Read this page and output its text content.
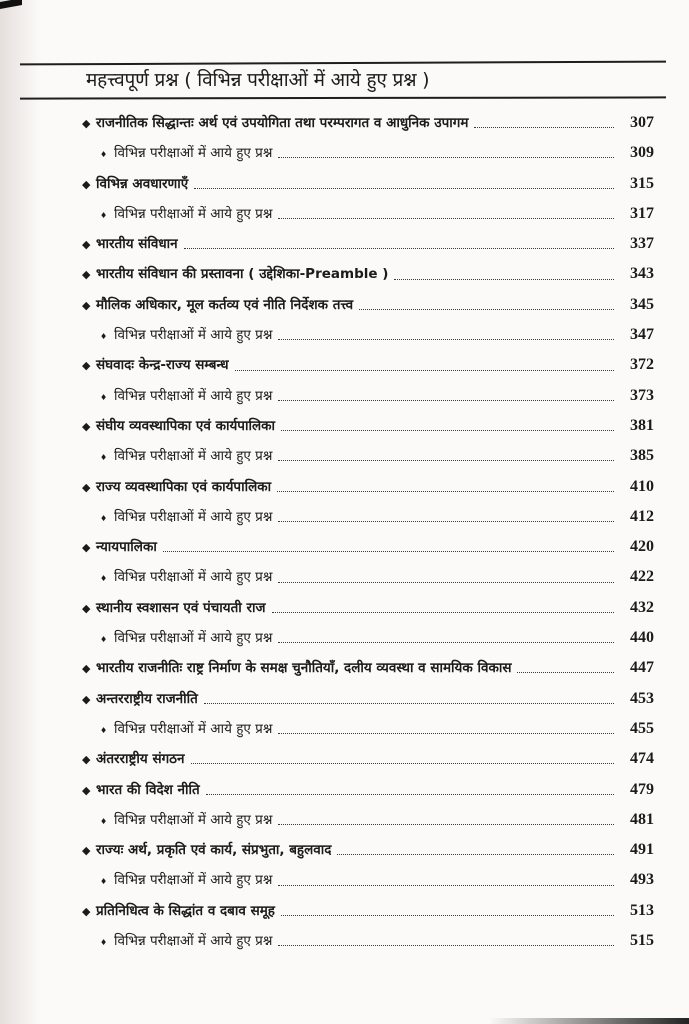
महत्त्वपूर्ण प्रश्न ( विभिन्न परीक्षाओं में आये हुए प्रश्न )
◆ राजनीतिक सिद्धान्तः अर्थ एवं उपयोगिता तथा परम्परागत व आधुनिक उपागम	307
♦ विभिन्न परीक्षाओं में आये हुए प्रश्न	309
◆ विभिन्न अवधारणाएँ	315
♦ विभिन्न परीक्षाओं में आये हुए प्रश्न	317
◆ भारतीय संविधान	337
◆ भारतीय संविधान की प्रस्तावना ( उद्देशिका-Preamble )	343
◆ मौलिक अधिकार, मूल कर्तव्य एवं नीति निर्देशक तत्त्व	345
♦ विभिन्न परीक्षाओं में आये हुए प्रश्न	347
◆ संघवादः केन्द्र-राज्य सम्बन्ध	372
♦ विभिन्न परीक्षाओं में आये हुए प्रश्न	373
◆ संघीय व्यवस्थापिका एवं कार्यपालिका	381
♦ विभिन्न परीक्षाओं में आये हुए प्रश्न	385
◆ राज्य व्यवस्थापिका एवं कार्यपालिका	410
♦ विभिन्न परीक्षाओं में आये हुए प्रश्न	412
◆ न्यायपालिका	420
♦ विभिन्न परीक्षाओं में आये हुए प्रश्न	422
◆ स्थानीय स्वशासन एवं पंचायती राज	432
♦ विभिन्न परीक्षाओं में आये हुए प्रश्न	440
◆ भारतीय राजनीतिः राष्ट्र निर्माण के समक्ष चुनौतियाँ, दलीय व्यवस्था व सामयिक विकास	447
◆ अन्तरराष्ट्रीय राजनीति	453
♦ विभिन्न परीक्षाओं में आये हुए प्रश्न	455
◆ अंतरराष्ट्रीय संगठन	474
◆ भारत की विदेश नीति	479
♦ विभिन्न परीक्षाओं में आये हुए प्रश्न	481
◆ राज्यः अर्थ, प्रकृति एवं कार्य, संप्रभुता, बहुलवाद	491
♦ विभिन्न परीक्षाओं में आये हुए प्रश्न	493
◆ प्रतिनिधित्व के सिद्धांत व दबाव समूह	513
♦ विभिन्न परीक्षाओं में आये हुए प्रश्न	515
